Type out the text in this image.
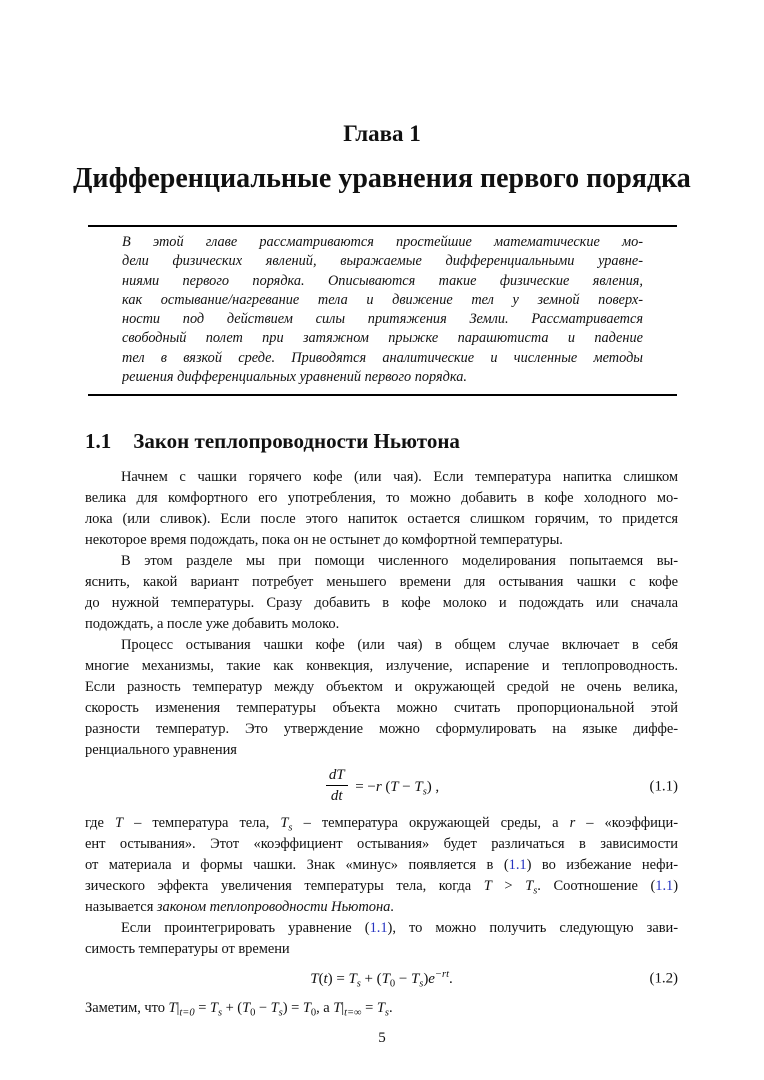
Глава 1
Дифференциальные уравнения первого порядка
В этой главе рассматриваются простейшие математические мо-
дели физических явлений, выражаемые дифференциальными уравне-
ниями первого порядка. Описываются такие физические явления,
как остывание/нагревание тела и движение тел у земной поверх-
ности под действием силы притяжения Земли. Рассматривается
свободный полет при затяжном прыжке парашютиста и падение
тел в вязкой среде. Приводятся аналитические и численные методы
решения дифференциальных уравнений первого порядка.
1.1 Закон теплопроводности Ньютона
Начнем с чашки горячего кофе (или чая). Если температура напитка слишком
велика для комфортного его употребления, то можно добавить в кофе холодного мо-
лока (или сливок). Если после этого напиток остается слишком горячим, то придется
некоторое время подождать, пока он не остынет до комфортной температуры.
В этом разделе мы при помощи численного моделирования попытаемся вы-
яснить, какой вариант потребует меньшего времени для остывания чашки с кофе
до нужной температуры. Сразу добавить в кофе молоко и подождать или сначала
подождать, а после уже добавить молоко.
Процесс остывания чашки кофе (или чая) в общем случае включает в себя
многие механизмы, такие как конвекция, излучение, испарение и теплопроводность.
Если разность температур между объектом и окружающей средой не очень велика,
скорость изменения температуры объекта можно считать пропорциональной этой
разности температур. Это утверждение можно сформулировать на языке диффе-
ренциального уравнения
$\frac{dT}{dt} = -r$ $(T - T_s)$ ,	(1.1)
где T – температура тела, $T_s$ – температура окружающей среды, а r – «коэффици-
ент остывания». Этот «коэффициент остывания» будет различаться в зависимости
от материала и формы чашки. Знак «минус» появляется в (1.1) во избежание нефи-
зического эффекта увеличения температуры тела, когда $T > T_s$. Соотношение (1.1)
называется законом теплопроводности Ньютона.
Если проинтегрировать уравнение (1.1), то можно получить следующую зави-
симость температуры от времени
$T(t) = T_s + (T_0 - T_s)e^{-rt}$.	(1.2)
Заметим, что $T|_{t=0} = T_s + (T_0 - T_s) = T_0$, а $T|_{t=\infty} = T_s$.
5
